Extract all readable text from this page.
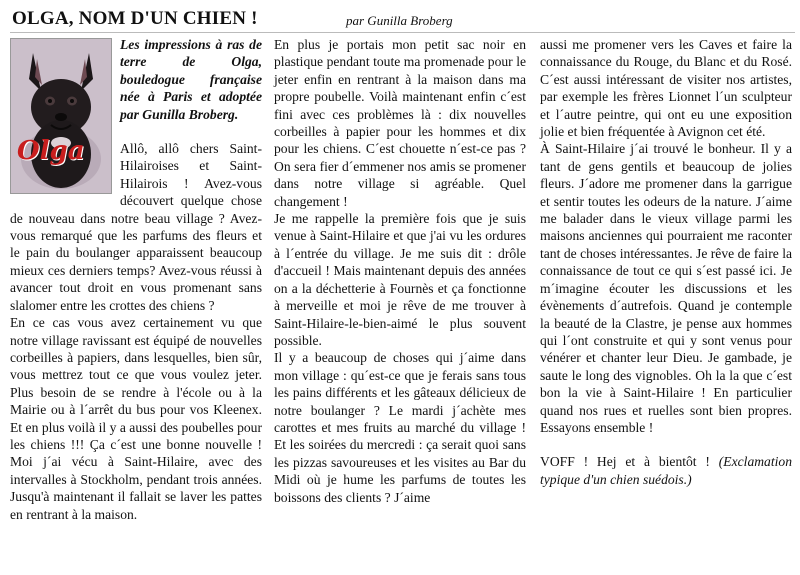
OLGA, NOM D'UN CHIEN !	par Gunilla Broberg
Olga

Les impressions à ras de terre de Olga, bouledogue française née à Paris et adoptée par Gunilla Broberg.

Allô, allô chers Saint-Hilairoises et Saint-Hilairois ! Avez-vous découvert quelque chose de nouveau dans notre beau village ? Avez-vous remarqué que les parfums des fleurs et le pain du boulanger apparaissent beaucoup mieux ces derniers temps? Avez-vous réussi à avancer tout droit en vous promenant sans slalomer entre les crottes des chiens ?

En ce cas vous avez certainement vu que notre village ravissant est équipé de nouvelles corbeilles à papiers, dans lesquelles, bien sûr, vous mettrez tout ce que vous voulez jeter. Plus besoin de se rendre à l'école ou à la Mairie ou à l´arrêt du bus pour vos Kleenex. Et en plus voilà il y a aussi des poubelles pour les chiens !!! Ça c´est une bonne nouvelle ! Moi j´ai vécu à Saint-Hilaire, avec des intervalles à Stockholm, pendant trois années. Jusqu'à maintenant il fallait se laver les pattes en rentrant à la maison.

En plus je portais mon petit sac noir en plastique pendant toute ma promenade pour le jeter enfin en rentrant à la maison dans ma propre poubelle. Voilà maintenant enfin c´est fini avec ces problèmes là : dix nouvelles corbeilles à papier pour les hommes et dix pour les chiens. C´est chouette n´est-ce pas ? On sera fier d´emmener nos amis se promener dans notre village si agréable. Quel changement !

Je me rappelle la première fois que je suis venue à Saint-Hilaire et que j'ai vu les ordures à l´entrée du village. Je me suis dit : drôle d'accueil ! Mais maintenant depuis des années on a la déchetterie à Fournès et ça fonctionne à merveille et moi je rêve de me trouver à Saint-Hilaire-le-bien-aimé le plus souvent possible.

Il y a beaucoup de choses qui j´aime dans mon village : qu´est-ce que je ferais sans tous les pains différents et les gâteaux délicieux de notre boulanger ? Le mardi j´achète mes carottes et mes fruits au marché du village ! Et les soirées du mercredi : ça serait quoi sans les pizzas savoureuses et les visites au Bar du Midi où je hume les parfums de toutes les boissons des clients ? J´aime

aussi me promener vers les Caves et faire la connaissance du Rouge, du Blanc et du Rosé. C´est aussi intéressant de visiter nos artistes, par exemple les frères Lionnet l´un sculpteur et l´autre peintre, qui ont eu une exposition jolie et bien fréquentée à Avignon cet été.

À Saint-Hilaire j´ai trouvé le bonheur. Il y a tant de gens gentils et beaucoup de jolies fleurs. J´adore me promener dans la garrigue et sentir toutes les odeurs de la nature. J´aime me balader dans le vieux village parmi les maisons anciennes qui pourraient me raconter tant de choses intéressantes. Je rêve de faire la connaissance de tout ce qui s´est passé ici. Je m´imagine écouter les discussions et les évènements d´autrefois. Quand je contemple la beauté de la Clastre, je pense aux hommes qui l´ont construite et qui y sont venus pour vénérer et chanter leur Dieu. Je gambade, je saute le long des vignobles. Oh la la que c´est bon la vie à Saint-Hilaire ! En particulier quand nos rues et ruelles sont bien propres. Essayons ensemble !

VOFF ! Hej et à bientôt ! (Exclamation typique d'un chien suédois.)
